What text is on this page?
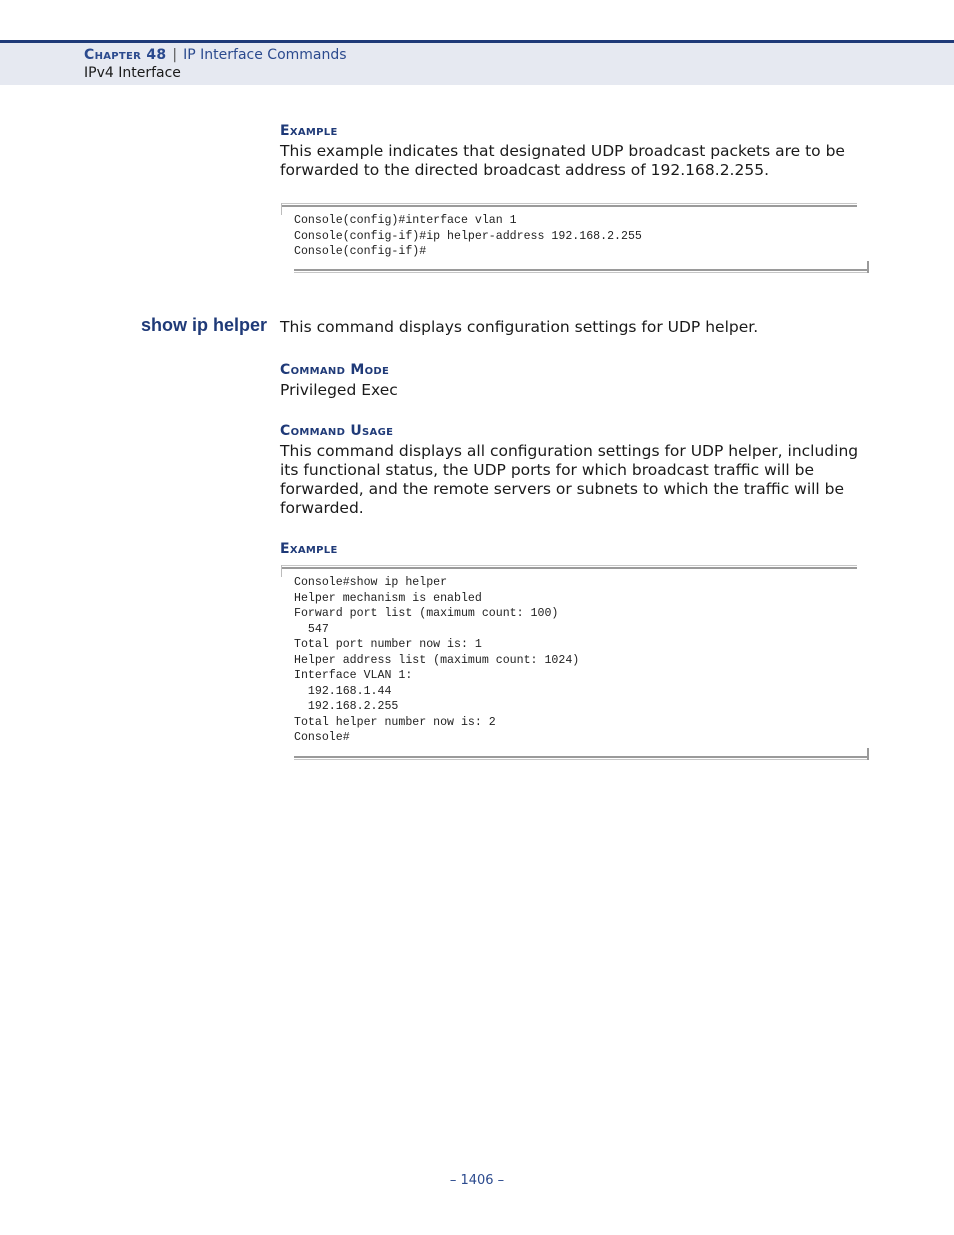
Chapter 48 | IP Interface Commands
IPv4 Interface
Example
This example indicates that designated UDP broadcast packets are to be forwarded to the directed broadcast address of 192.168.2.255.
Console(config)#interface vlan 1
Console(config-if)#ip helper-address 192.168.2.255
Console(config-if)#
show ip helper This command displays configuration settings for UDP helper.
Command Mode
Privileged Exec
Command Usage
This command displays all configuration settings for UDP helper, including its functional status, the UDP ports for which broadcast traffic will be forwarded, and the remote servers or subnets to which the traffic will be forwarded.
Example
Console#show ip helper
Helper mechanism is enabled
Forward port list (maximum count: 100)
547
Total port number now is: 1
Helper address list (maximum count: 1024)
Interface VLAN 1:
192.168.1.44
192.168.2.255
Total helper number now is: 2
Console#
– 1406 –
